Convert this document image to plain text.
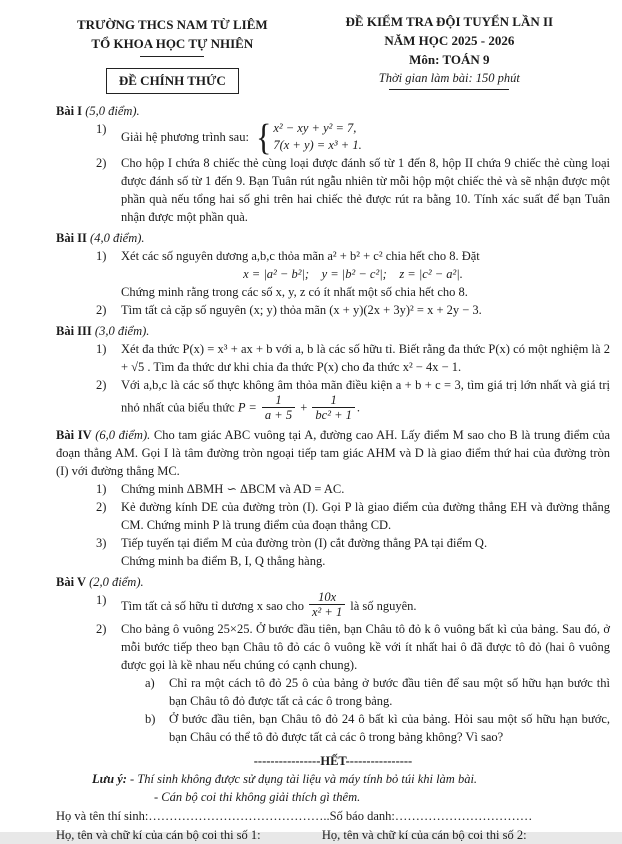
TRƯỜNG THCS NAM TỪ LIÊM
TỔ KHOA HỌC TỰ NHIÊN
ĐỀ CHÍNH THỨC
ĐỀ KIỂM TRA ĐỘI TUYỂN LẦN II
NĂM HỌC 2025 - 2026
Môn: TOÁN 9
Thời gian làm bài: 150 phút

Bài I (5,0 điểm).

1)
Giải hệ phương trình sau: { x² − xy + y² = 7,
7(x + y) = x³ + 1.
2)	Cho hộp I chứa 8 chiếc thẻ cùng loại được đánh số từ 1 đến 8, hộp II chứa 9 chiếc thẻ cùng loại được đánh số từ 1 đến 9. Bạn Tuân rút ngẫu nhiên từ mỗi hộp một chiếc thẻ và sẽ nhận được một phần quà nếu tổng hai số ghi trên hai chiếc thẻ được rút ra bằng 10. Tính xác suất để bạn Tuân nhận được một phần quà.

Bài II (4,0 điểm).

1)	Xét các số nguyên dương a,b,c thỏa mãn a² + b² + c² chia hết cho 8. Đặt

x = |a² − b²|;    y = |b² − c²|;    z = |c² − a²|.
Chứng minh rằng trong các số x, y, z có ít nhất một số chia hết cho 8.
2)	Tìm tất cả cặp số nguyên (x; y) thỏa mãn (x + y)(2x + 3y)² = x + 2y − 3.

Bài III (3,0 điểm).

1)	Xét đa thức P(x) = x³ + ax + b với a, b là các số hữu tỉ. Biết rằng đa thức P(x) có một nghiệm là 2 + √5 . Tìm đa thức dư khi chia đa thức P(x) cho đa thức x² − 4x − 1.

2)	Với a,b,c là các số thực không âm thỏa mãn điều kiện a + b + c = 3, tìm giá trị lớn nhất và giá trị nhỏ nhất của biểu thức $P = \frac{1}{a + 5} + \frac{1}{\text{bc² + 1}}$ .

Bài IV (6,0 điểm). Cho tam giác ABC vuông tại A, đường cao AH. Lấy điểm M sao cho B là trung điểm của đoạn thẳng AM. Gọi I là tâm đường tròn ngoại tiếp tam giác AHM và D là giao điểm thứ hai của đường tròn (I) với đường thẳng MC.

1)	Chứng minh ΔBMH ∽ ΔBCM và AD = AC.

2)	Kẻ đường kính DE của đường tròn (I). Gọi P là giao điểm của đường thẳng EH và đường thẳng CM. Chứng minh P là trung điểm của đoạn thẳng CD.

3)	Tiếp tuyến tại điểm M của đường tròn (I) cắt đường thẳng PA tại điểm Q.

Chứng minh ba điểm B, I, Q thẳng hàng.

Bài V (2,0 điểm).

1)	Tìm tất cả số hữu tỉ dương x sao cho $\frac{10x}{\text{x² + 1}}$ là số nguyên.
2)	Cho bảng ô vuông 25×25. Ở bước đầu tiên, bạn Châu tô đỏ k ô vuông bất kì của bảng. Sau đó, ở mỗi bước tiếp theo bạn Châu tô đỏ các ô vuông kề với ít nhất hai ô đã được tô đỏ (hai ô vuông được gọi là kề nhau nếu chúng có cạnh chung).

a)	Chỉ ra một cách tô đỏ 25 ô của bảng ở bước đầu tiên để sau một số hữu hạn bước thì bạn Châu tô đỏ được tất cả các ô trong bảng.

b)	Ở bước đầu tiên, bạn Châu tô đỏ 24 ô bất kì của bảng. Hỏi sau một số hữu hạn bước, bạn Châu có thể tô đỏ được tất cả các ô trong bảng không? Vì sao?

----------------HẾT----------------
Lưu ý: - Thí sinh không được sử dụng tài liệu và máy tính bỏ túi khi làm bài.
- Cán bộ coi thi không giải thích gì thêm.
Họ và tên thí sinh:……………………………………..Số báo danh:……………………………
Họ, tên và chữ kí của cán bộ coi thi số 1:	Họ, tên và chữ kí của cán bộ coi thi số 2:
